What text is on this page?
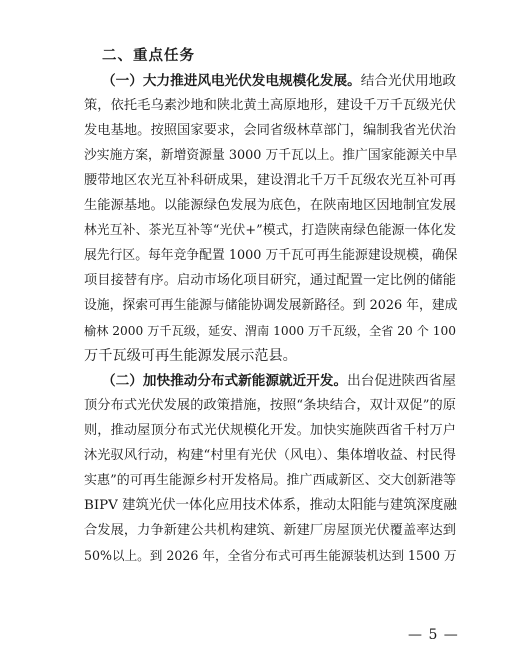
二、重点任务
（一）大力推进风电光伏发电规模化发展。结合光伏用地政
策，依托毛乌素沙地和陕北黄土高原地形，建设千万千瓦级光伏
发电基地。按照国家要求，会同省级林草部门，编制我省光伏治
沙实施方案，新增资源量 3000 万千瓦以上。推广国家能源关中旱
腰带地区农光互补科研成果，建设渭北千万千瓦级农光互补可再
生能源基地。以能源绿色发展为底色，在陕南地区因地制宜发展
林光互补、茶光互补等“光伏+”模式，打造陕南绿色能源一体化发
展先行区。每年竞争配置 1000 万千瓦可再生能源建设规模，确保
项目接替有序。启动市场化项目研究，通过配置一定比例的储能
设施，探索可再生能源与储能协调发展新路径。到 2026 年，建成
榆林 2000 万千瓦级，延安、渭南 1000 万千瓦级，全省 20 个 100
万千瓦级可再生能源发展示范县。
（二）加快推动分布式新能源就近开发。出台促进陕西省屋
顶分布式光伏发展的政策措施，按照“条块结合，双计双促”的原
则，推动屋顶分布式光伏规模化开发。加快实施陕西省千村万户
沐光驭风行动，构建“村里有光伏（风电）、集体增收益、村民得
实惠”的可再生能源乡村开发格局。推广西咸新区、交大创新港等
BIPV 建筑光伏一体化应用技术体系，推动太阳能与建筑深度融
合发展，力争新建公共机构建筑、新建厂房屋顶光伏覆盖率达到
50%以上。到 2026 年，全省分布式可再生能源装机达到 1500 万
— 5 —
